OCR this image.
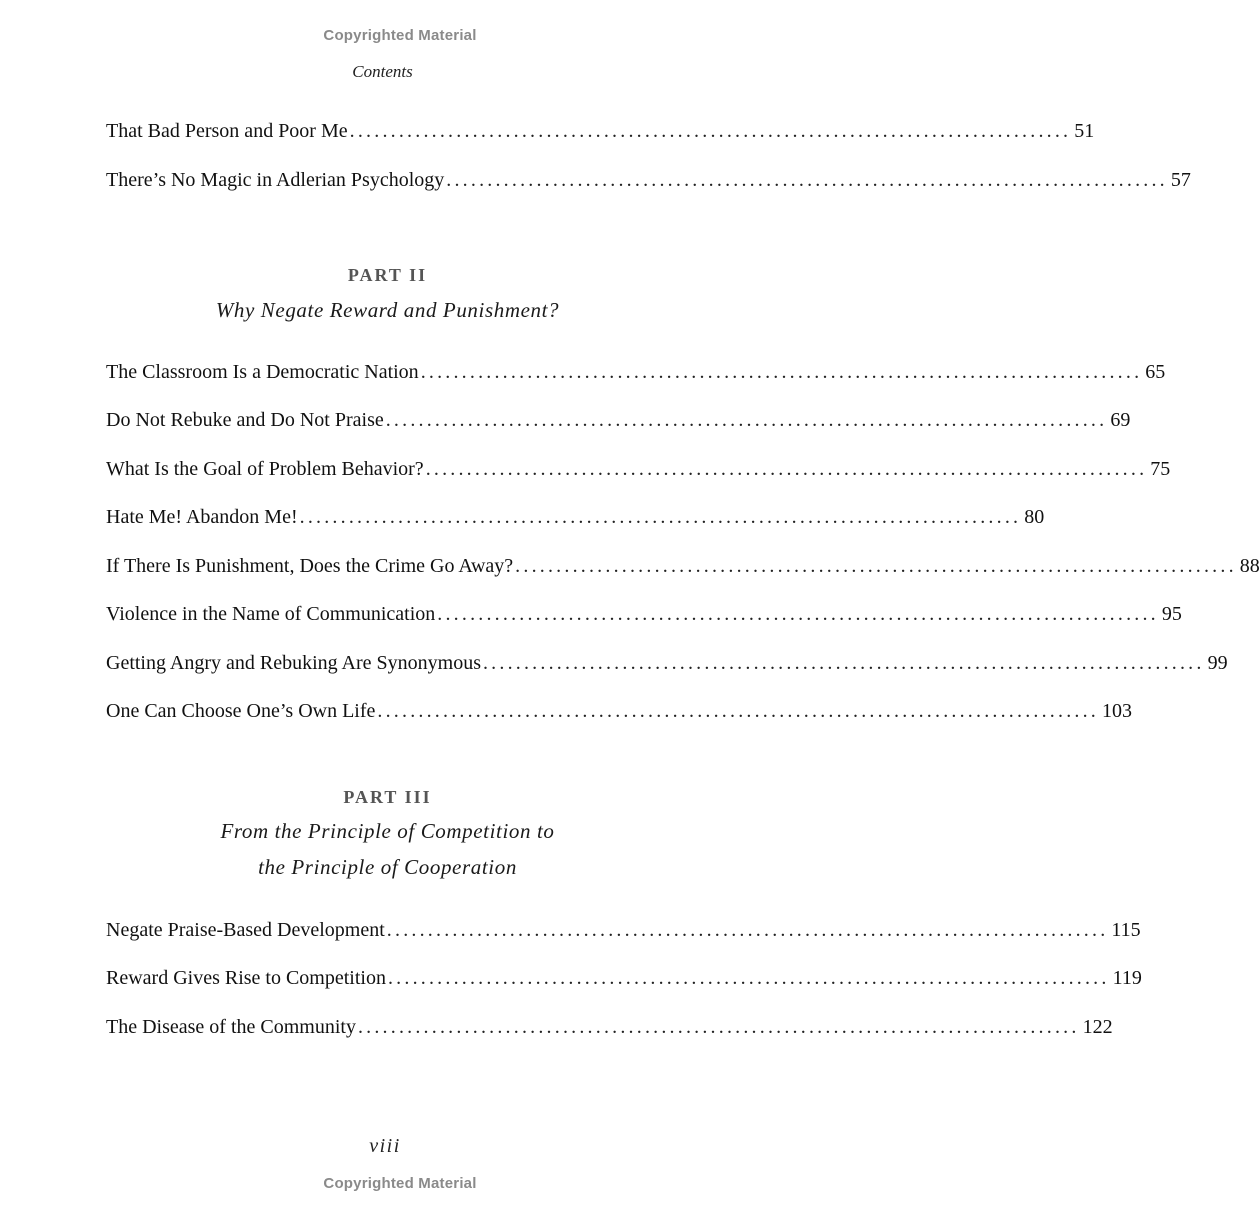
Copyrighted Material
Contents
That Bad Person and Poor Me ........................................................................................ 51
There’s No Magic in Adlerian Psychology ........................................................................................ 57
PART II
Why Negate Reward and Punishment?
The Classroom Is a Democratic Nation ........................................................................................ 65
Do Not Rebuke and Do Not Praise ........................................................................................ 69
What Is the Goal of Problem Behavior? ........................................................................................ 75
Hate Me! Abandon Me! ........................................................................................ 80
If There Is Punishment, Does the Crime Go Away? ........................................................................................ 88
Violence in the Name of Communication ........................................................................................ 95
Getting Angry and Rebuking Are Synonymous ........................................................................................ 99
One Can Choose One’s Own Life ........................................................................................ 103
PART III
From the Principle of Competition to
the Principle of Cooperation
Negate Praise-Based Development ........................................................................................ 115
Reward Gives Rise to Competition ........................................................................................ 119
The Disease of the Community ........................................................................................ 122
viii
Copyrighted Material
